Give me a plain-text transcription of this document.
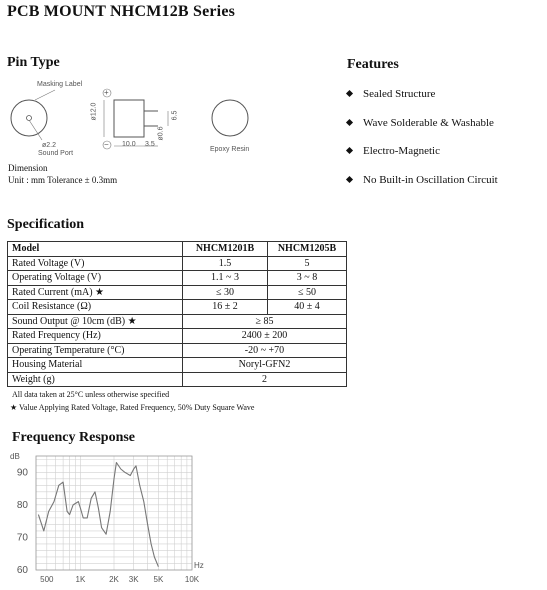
PCB MOUNT NHCM12B Series
Pin Type
Masking Label
ø2.2
Sound Port
ø12.0
+
− 10.0 3.5
ø0.6
6.5
Epoxy Resin
Dimension
Unit : mm Tolerance ± 0.3mm
Features
Sealed Structure
Wave Solderable & Washable
Electro-Magnetic
No Built-in Oscillation Circuit
Specification
Model	NHCM1201B	NHCM1205B
Rated Voltage (V)	1.5	5
Operating Voltage (V)	1.1 ~ 3	3 ~ 8
Rated Current (mA) ★	≤ 30	≤ 50
Coil Resistance (Ω)	16 ± 2	40 ± 4
Sound Output @ 10cm (dB) ★	≥ 85	
Rated Frequency (Hz)	2400 ± 200	
Operating Temperature (°C)	-20 ~ +70	
Housing Material	Noryl-GFN2	
Weight (g)	2	
All data taken at 25°C unless otherwise specified
★ Value Applying Rated Voltage, Rated Frequency, 50% Duty Square Wave
Frequency Response
90
80
70
60
dB
500	1K	2K 3K 5K	10K
Hz
